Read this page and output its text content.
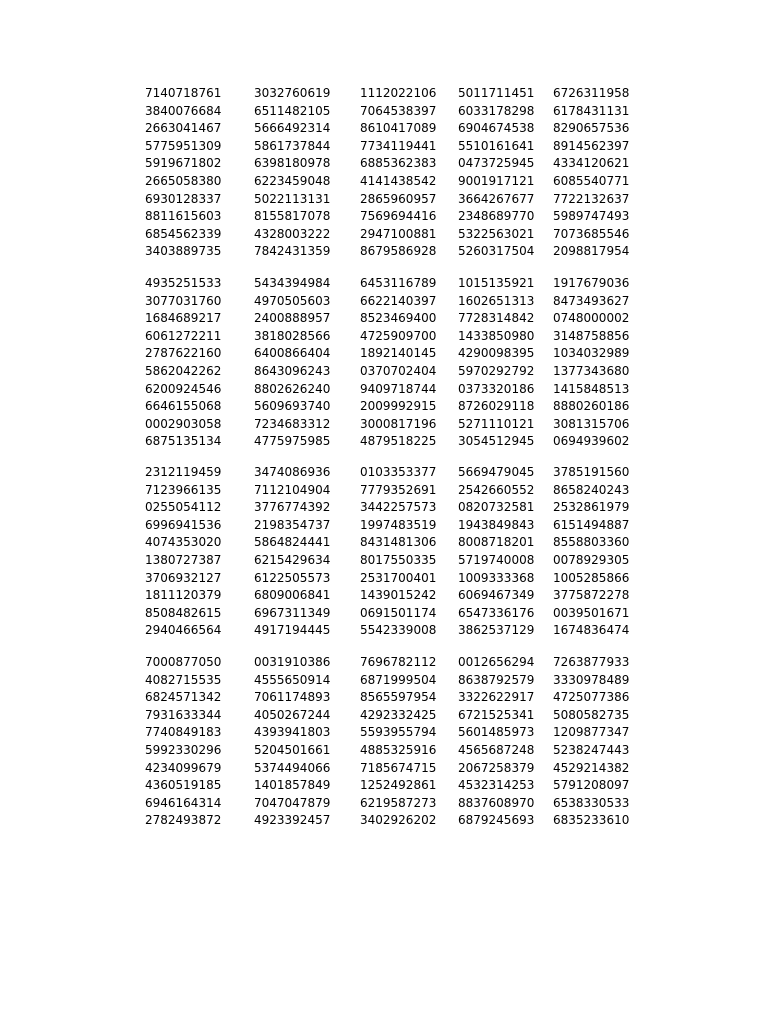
7140718761	3032760619 1112022106 5011711451 6726311958
3840076684	6511482105 7064538397 6033178298 6178431131
2663041467	5666492314 8610417089 6904674538 8290657536
5775951309	5861737844 7734119441 5510161641 8914562397
5919671802	6398180978 6885362383 0473725945 4334120621
2665058380	6223459048 4141438542 9001917121 6085540771
6930128337	5022113131 2865960957 3664267677 7722132637
8811615603	8155817078 7569694416 2348689770 5989747493
6854562339	4328003222 2947100881 5322563021 7073685546
3403889735	7842431359 8679586928 5260317504 2098817954
4935251533	5434394984 6453116789 1015135921 1917679036
3077031760	4970505603 6622140397 1602651313 8473493627
1684689217	2400888957 8523469400 7728314842 0748000002
6061272211	3818028566 4725909700 1433850980 3148758856
2787622160	6400866404 1892140145 4290098395 1034032989
5862042262	8643096243 0370702404 5970292792 1377343680
6200924546	8802626240 9409718744 0373320186 1415848513
6646155068	5609693740 2009992915 8726029118 8880260186
0002903058	7234683312 3000817196 5271110121 3081315706
6875135134	4775975985 4879518225 3054512945 0694939602
2312119459	3474086936 0103353377 5669479045 3785191560
7123966135	7112104904 7779352691 2542660552 8658240243
0255054112	3776774392 3442257573 0820732581 2532861979
6996941536	2198354737 1997483519 1943849843 6151494887
4074353020	5864824441 8431481306 8008718201 8558803360
1380727387	6215429634 8017550335 5719740008 0078929305
3706932127	6122505573 2531700401 1009333368 1005285866
1811120379	6809006841 1439015242 6069467349 3775872278
8508482615	6967311349 0691501174 6547336176 0039501671
2940466564	4917194445 5542339008 3862537129 1674836474
7000877050	0031910386 7696782112 0012656294 7263877933
4082715535	4555650914 6871999504 8638792579 3330978489
6824571342	7061174893 8565597954 3322622917 4725077386
7931633344	4050267244 4292332425 6721525341 5080582735
7740849183	4393941803 5593955794 5601485973 1209877347
5992330296	5204501661 4885325916 4565687248 5238247443
4234099679	5374494066 7185674715 2067258379 4529214382
4360519185	1401857849 1252492861 4532314253 5791208097
6946164314	7047047879 6219587273 8837608970 6538330533
2782493872	4923392457 3402926202 6879245693 6835233610
